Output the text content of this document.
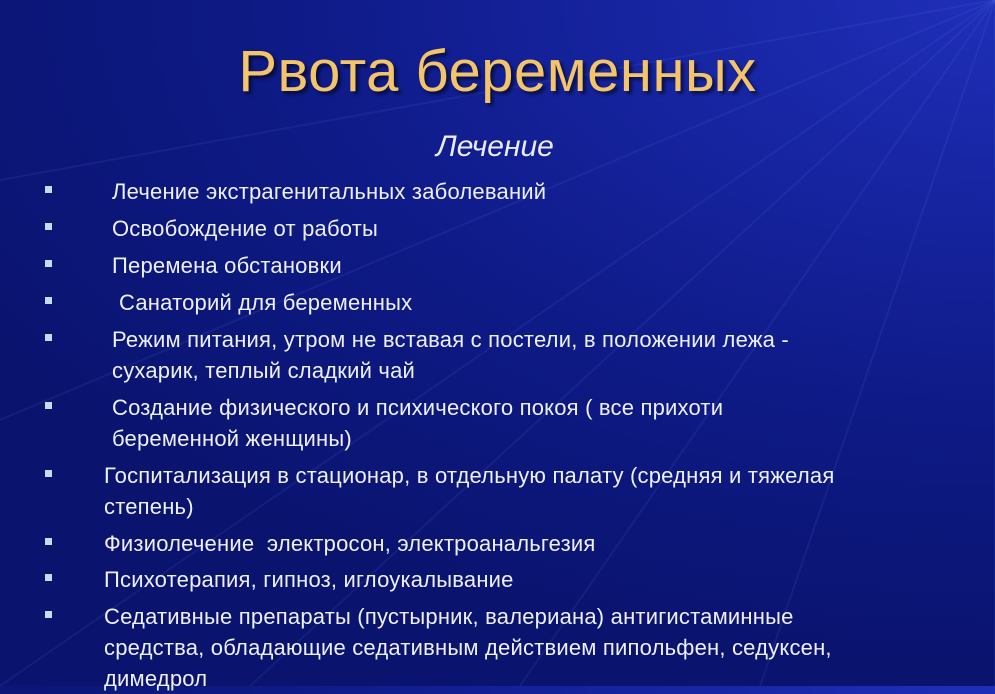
Рвота беременных
Лечение
Лечение экстрагенитальных заболеваний
Освобождение от работы
Перемена обстановки
Санаторий для беременных
Режим питания, утром не вставая с постели, в положении лежа -
сухарик, теплый сладкий чай
Создание физического и психического покоя ( все прихоти
беременной женщины)
Госпитализация в стационар, в отдельную палату (средняя и тяжелая
степень)
Физиолечение  электросон, электроанальгезия
Психотерапия, гипноз, иглоукалывание
Седативные препараты (пустырник, валериана) антигистаминные
средства, обладающие седативным действием пипольфен, седуксен,
димедрол
